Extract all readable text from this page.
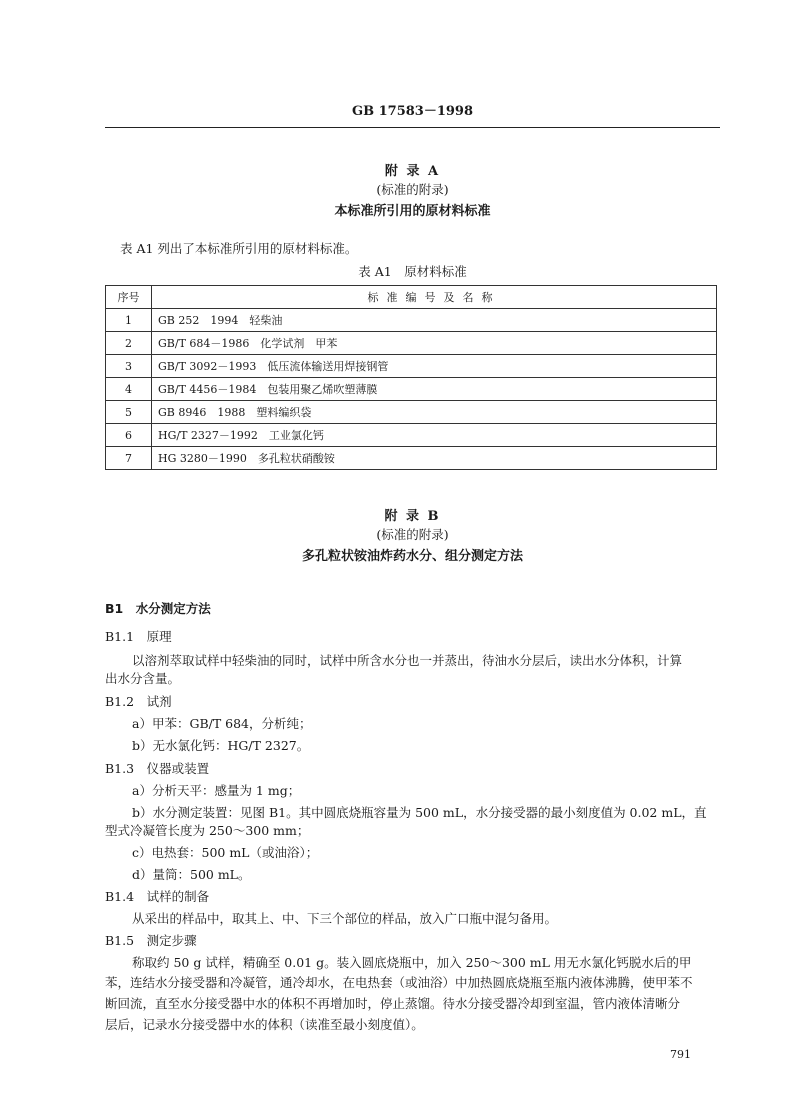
GB 17583－1998
附 录 A
(标准的附录)
本标准所引用的原材料标准
表 A1 列出了本标准所引用的原材料标准。
表 A1　原材料标准
序号	标准编号及名称
1	GB 252　1994　轻柴油
2	GB/T 684－1986　化学试剂　甲苯
3	GB/T 3092－1993　低压流体输送用焊接钢管
4	GB/T 4456－1984　包装用聚乙烯吹塑薄膜
5	GB 8946　1988　塑料编织袋
6	HG/T 2327－1992　工业氯化钙
7	HG 3280－1990　多孔粒状硝酸铵
附 录 B
(标准的附录)
多孔粒状铵油炸药水分、组分测定方法
B1　水分测定方法
B1.1　原理
以溶剂萃取试样中轻柴油的同时，试样中所含水分也一并蒸出，待油水分层后，读出水分体积，计算
出水分含量。
B1.2　试剂
a）甲苯：GB/T 684，分析纯；
b）无水氯化钙：HG/T 2327。
B1.3　仪器或装置
a）分析天平：感量为 1 mg；
b）水分测定装置：见图 B1。其中圆底烧瓶容量为 500 mL，水分接受器的最小刻度值为 0.02 mL，直
型式冷凝管长度为 250～300 mm；
c）电热套：500 mL（或油浴）；
d）量筒：500 mL。
B1.4　试样的制备
从采出的样品中，取其上、中、下三个部位的样品，放入广口瓶中混匀备用。
B1.5　测定步骤
称取约 50 g 试样，精确至 0.01 g。装入圆底烧瓶中，加入 250～300 mL 用无水氯化钙脱水后的甲
苯，连结水分接受器和冷凝管，通冷却水，在电热套（或油浴）中加热圆底烧瓶至瓶内液体沸腾，使甲苯不
断回流，直至水分接受器中水的体积不再增加时，停止蒸馏。待水分接受器冷却到室温，管内液体清晰分
层后，记录水分接受器中水的体积（读准至最小刻度值）。
791
